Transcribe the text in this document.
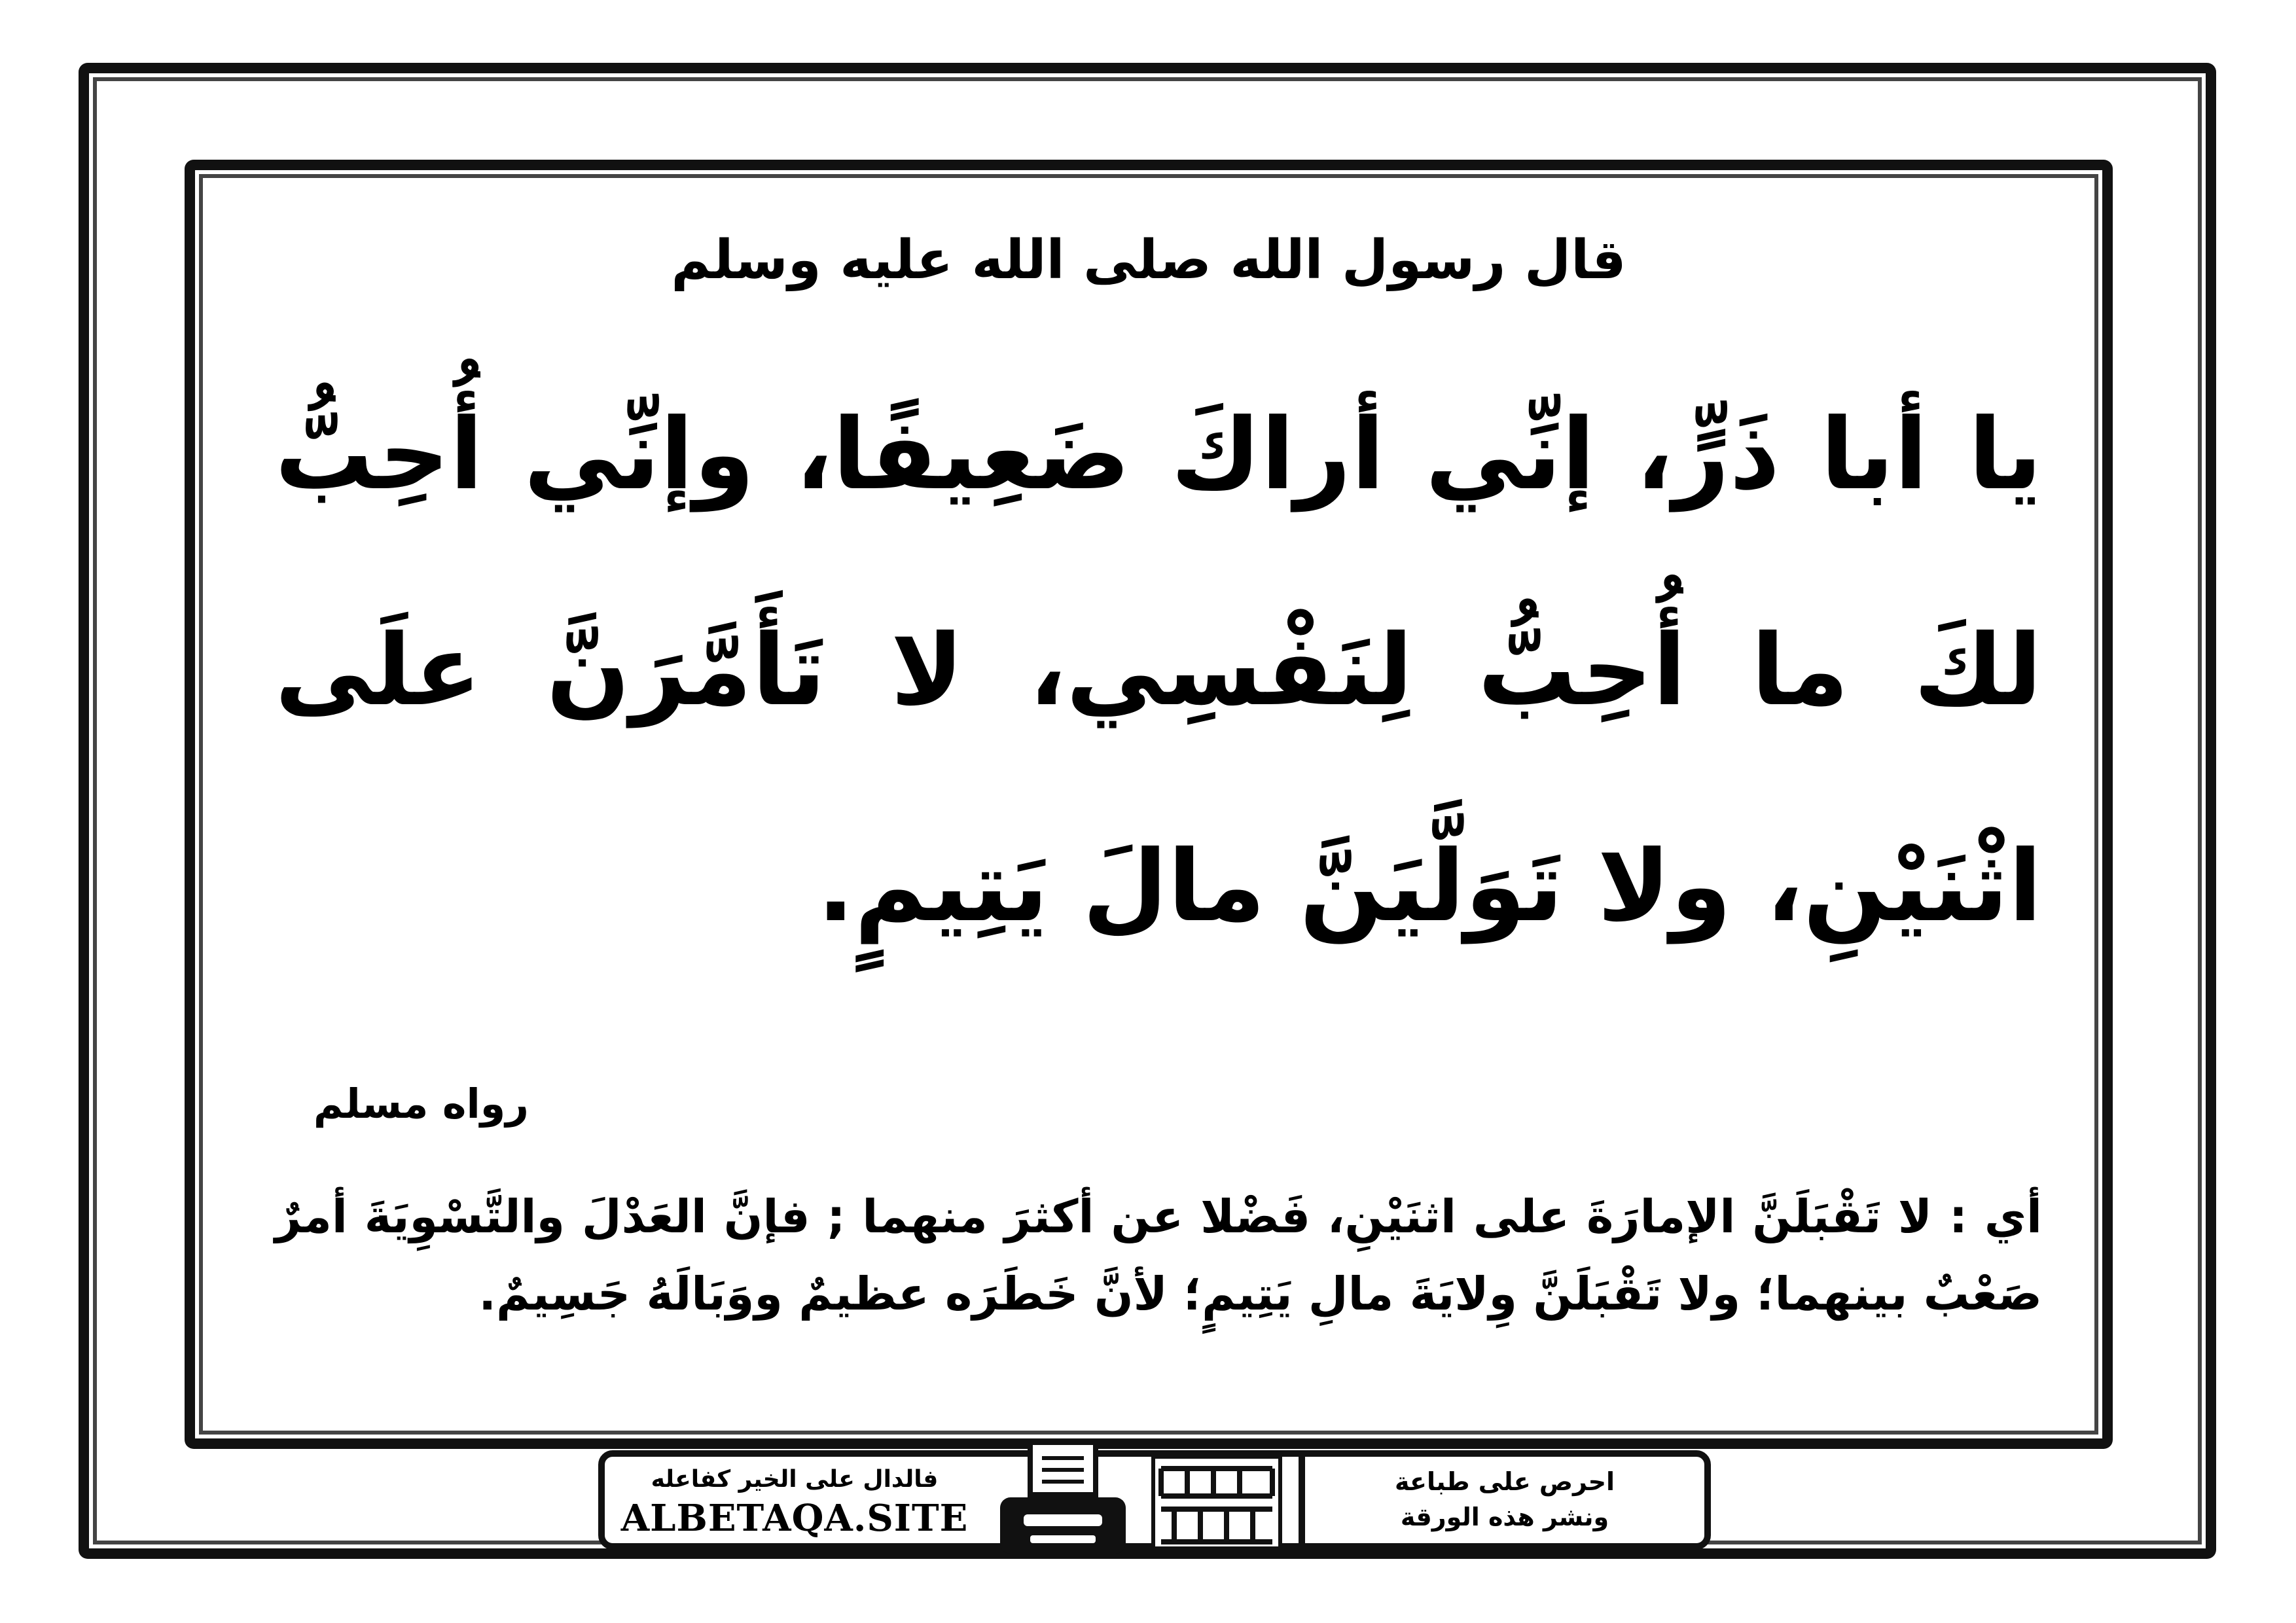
قال رسول الله صلى الله عليه وسلم
يا أبا ذَرٍّ، إنِّي أراكَ ضَعِيفًا، وإنِّي أُحِبُّ لكَ ما أُحِبُّ لِنَفْسِي، لا تَأَمَّرَنَّ علَى اثْنَيْنِ، ولا تَوَلَّيَنَّ مالَ يَتِيمٍ.
رواه مسلم
أي : لا تَقْبَلَنَّ الإمارَةَ على اثنَيْنِ، فَضْلا عن أكثرَ منهما ; فإنَّ العَدْلَ والتَّسْوِيَةَ أمرٌ صَعْبٌ بينهما؛ ولا تَقْبَلَنَّ وِلايَةَ مالِ يَتِيمٍ؛ لأنَّ خَطَرَه عظيمٌ ووَبَالَهُ جَسِيمٌ.
فالدال على الخير كفاعله
ALBETAQA.SITE
احرص على طباعة
ونشر هذه الورقة
